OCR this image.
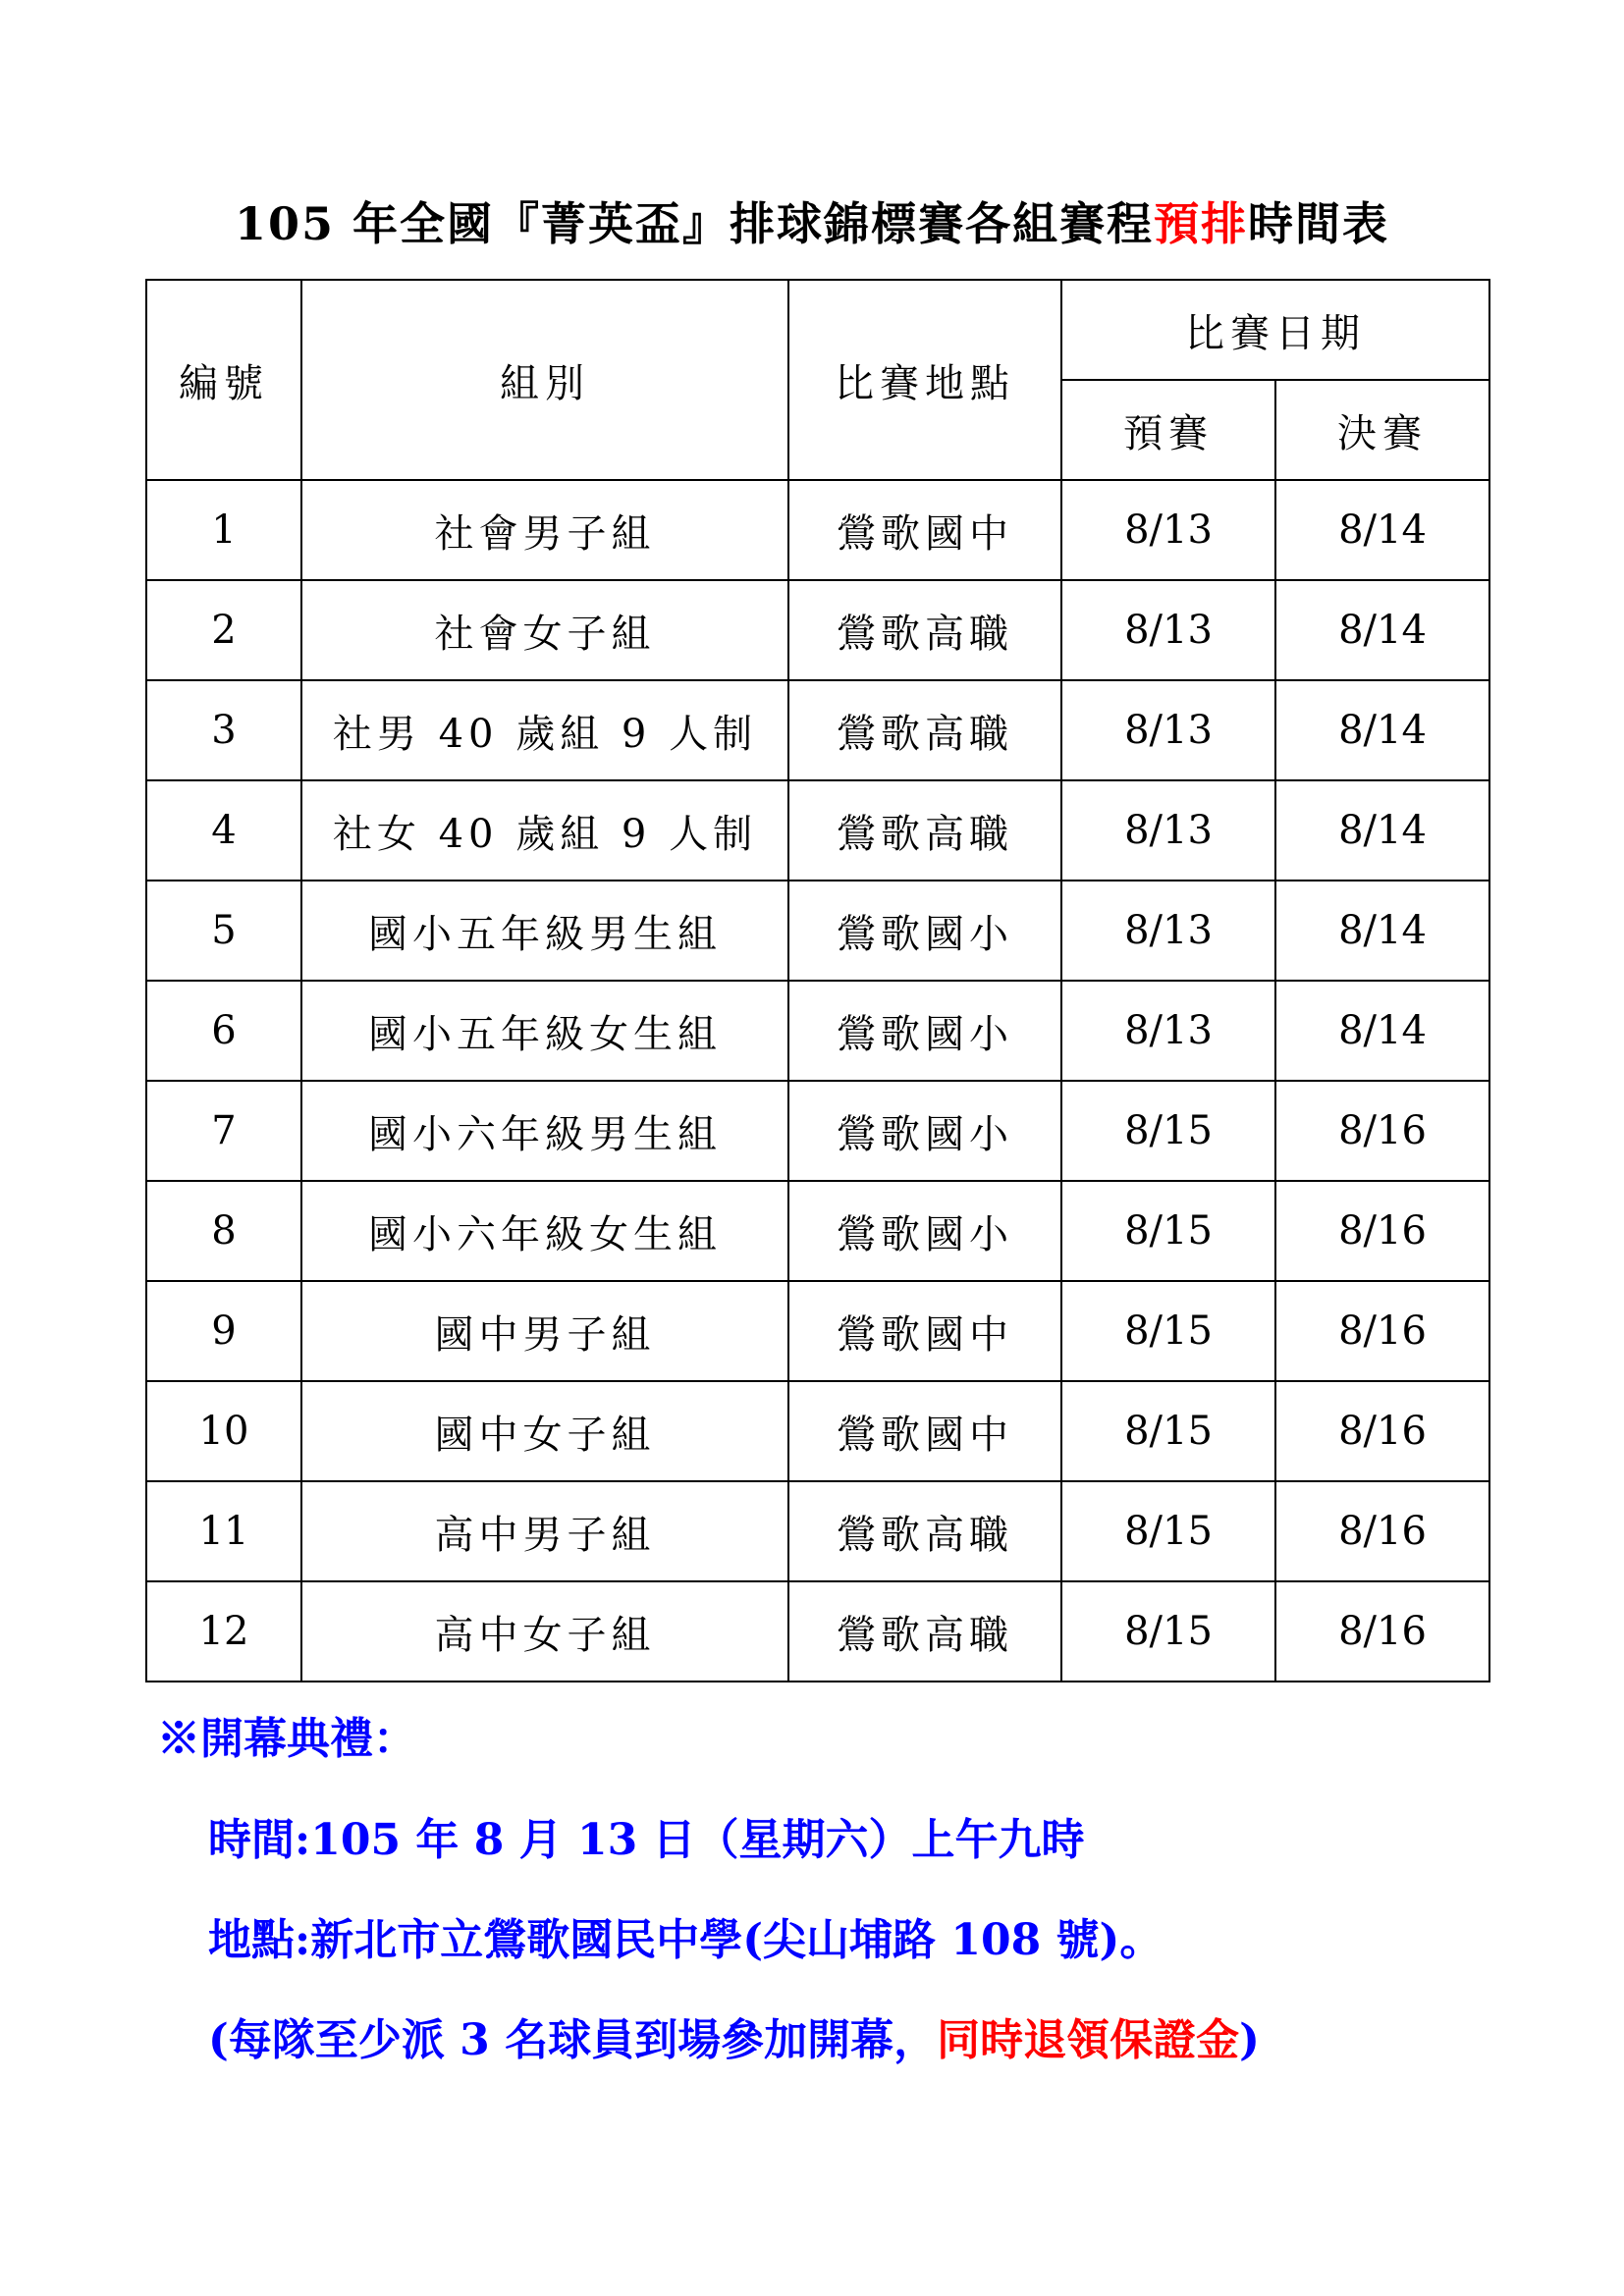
105 年全國『菁英盃』排球錦標賽各組賽程預排時間表
編號	組別	比賽地點	比賽日期	
			預賽	決賽
1	社會男子組	鶯歌國中	8/13	8/14
2	社會女子組	鶯歌高職	8/13	8/14
3	社男 40 歲組 9 人制	鶯歌高職	8/13	8/14
4	社女 40 歲組 9 人制	鶯歌高職	8/13	8/14
5	國小五年級男生組	鶯歌國小	8/13	8/14
6	國小五年級女生組	鶯歌國小	8/13	8/14
7	國小六年級男生組	鶯歌國小	8/15	8/16
8	國小六年級女生組	鶯歌國小	8/15	8/16
9	國中男子組	鶯歌國中	8/15	8/16
10	國中女子組	鶯歌國中	8/15	8/16
11	高中男子組	鶯歌高職	8/15	8/16
12	高中女子組	鶯歌高職	8/15	8/16
※開幕典禮：
時間:105 年 8 月 13 日（星期六）上午九時
地點:新北市立鶯歌國民中學(尖山埔路 108 號)。
(每隊至少派 3 名球員到場參加開幕，同時退領保證金)
